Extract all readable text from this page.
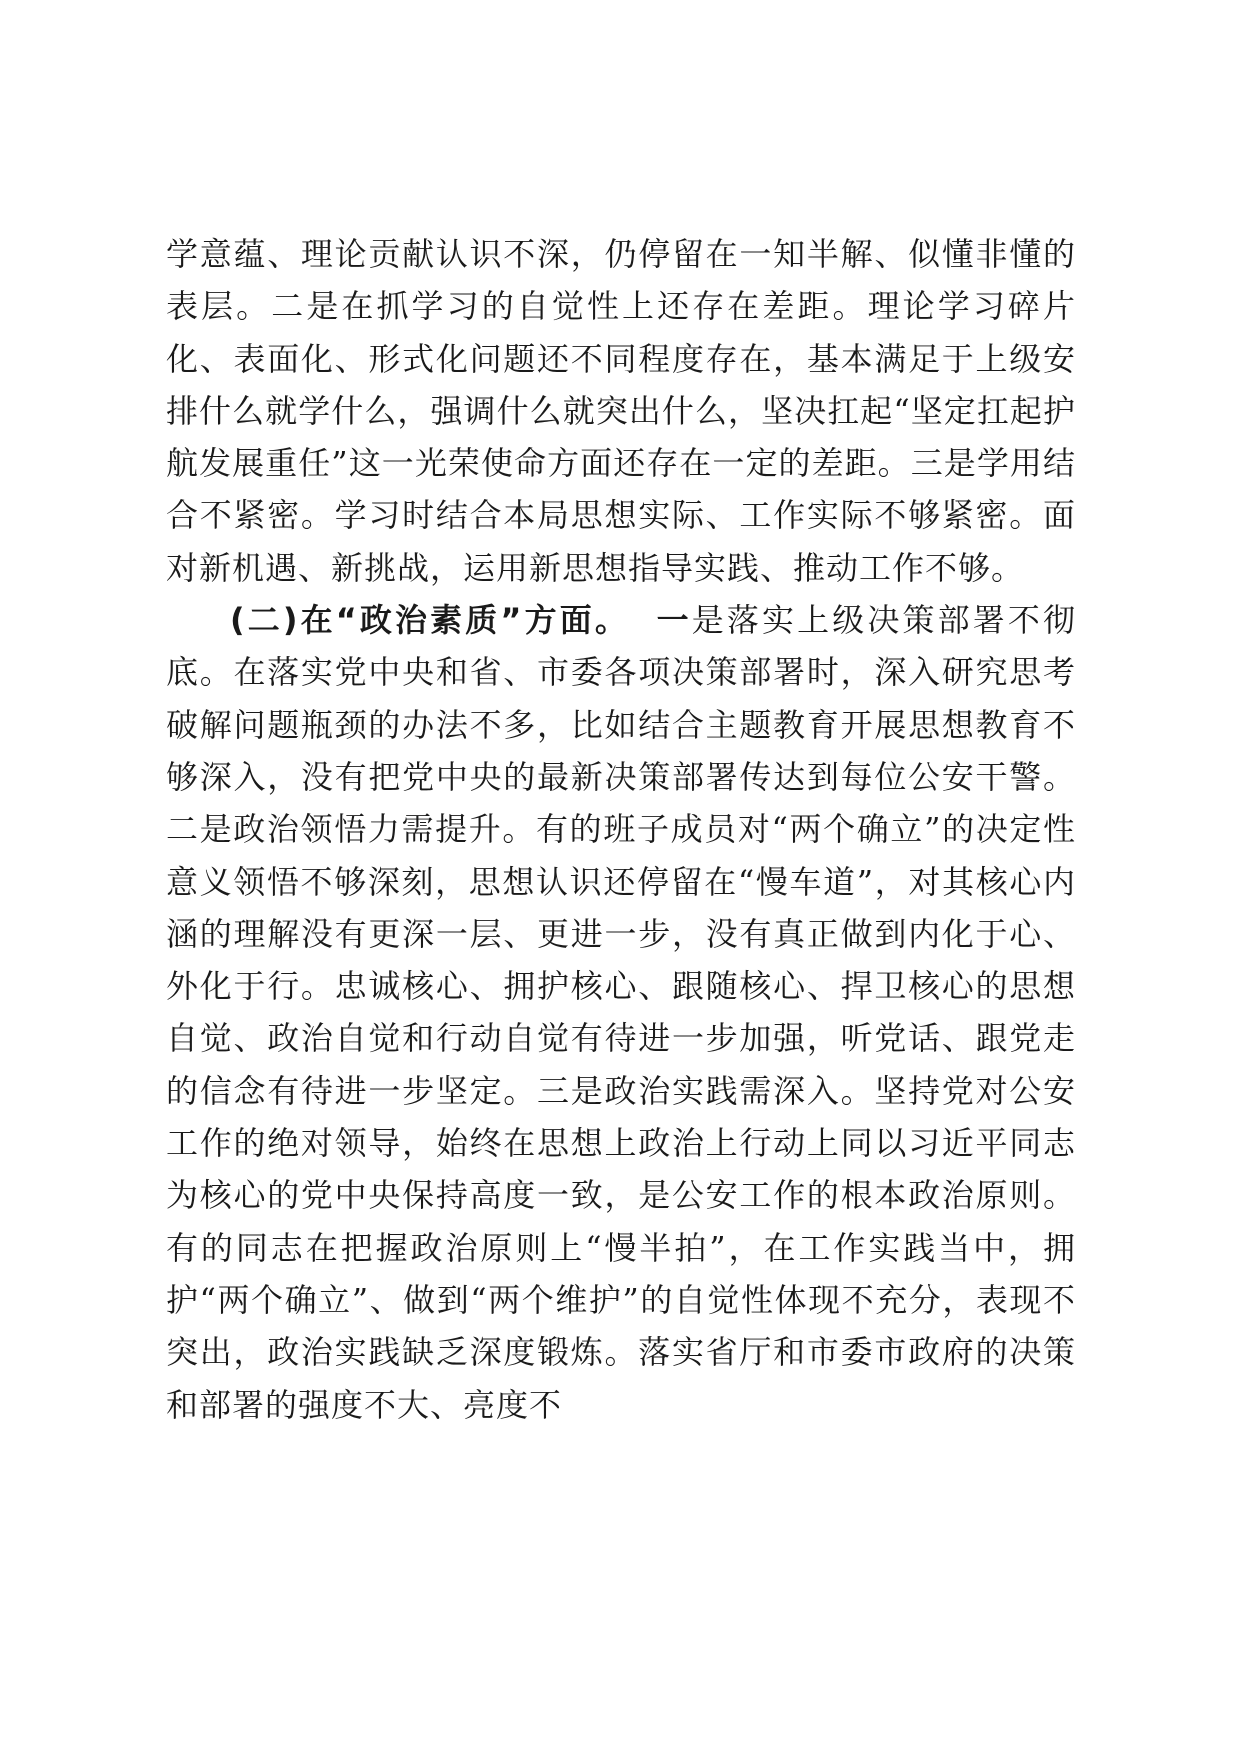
学意蕴、理论贡献认识不深，仍停留在一知半解、似懂非懂的表层。二是在抓学习的自觉性上还存在差距。理论学习碎片化、表面化、形式化问题还不同程度存在，基本满足于上级安排什么就学什么，强调什么就突出什么，坚决扛起“坚定扛起护航发展重任”这一光荣使命方面还存在一定的差距。三是学用结合不紧密。学习时结合本局思想实际、工作实际不够紧密。面对新机遇、新挑战，运用新思想指导实践、推动工作不够。

(二)在“政治素质”方面。 一是落实上级决策部署不彻底。在落实党中央和省、市委各项决策部署时，深入研究思考破解问题瓶颈的办法不多，比如结合主题教育开展思想教育不够深入，没有把党中央的最新决策部署传达到每位公安干警。二是政治领悟力需提升。有的班子成员对“两个确立”的决定性意义领悟不够深刻，思想认识还停留在“慢车道”，对其核心内涵的理解没有更深一层、更进一步，没有真正做到内化于心、外化于行。忠诚核心、拥护核心、跟随核心、捍卫核心的思想自觉、政治自觉和行动自觉有待进一步加强，听党话、跟党走的信念有待进一步坚定。三是政治实践需深入。坚持党对公安工作的绝对领导，始终在思想上政治上行动上同以习近平同志为核心的党中央保持高度一致，是公安工作的根本政治原则。有的同志在把握政治原则上“慢半拍”，在工作实践当中，拥护“两个确立”、做到“两个维护”的自觉性体现不充分，表现不突出，政治实践缺乏深度锻炼。落实省厅和市委市政府的决策和部署的强度不大、亮度不
